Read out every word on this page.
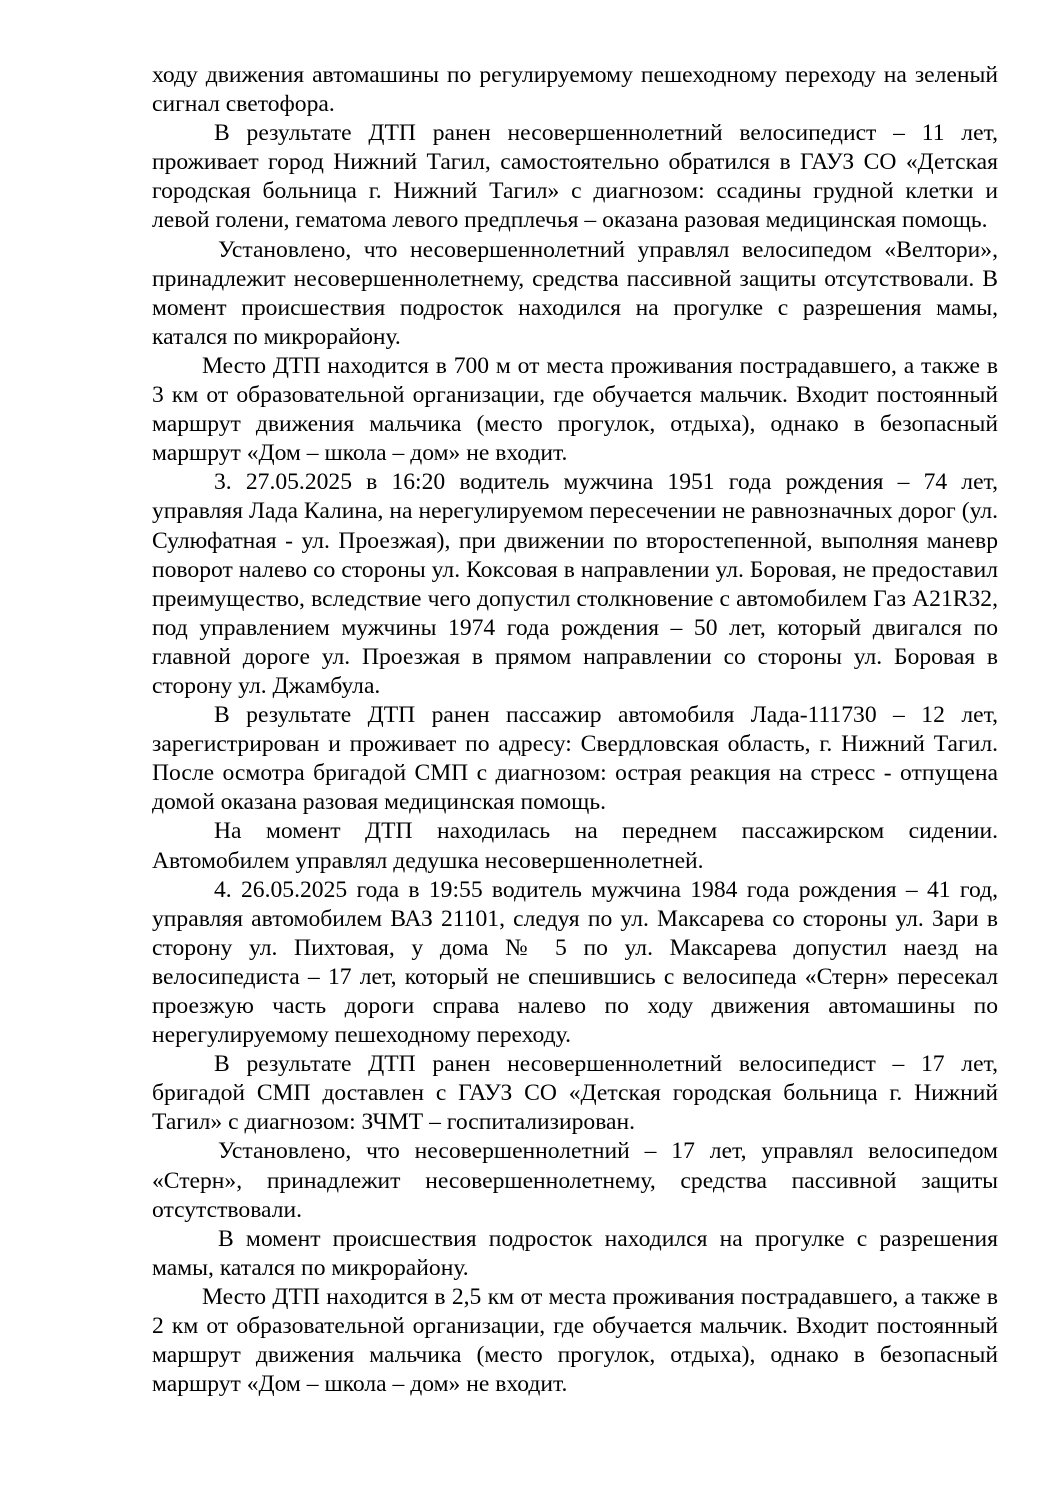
ходу движения автомашины по регулируемому пешеходному переходу на зеленый сигнал светофора.

В результате ДТП ранен несовершеннолетний велосипедист – 11 лет, проживает город Нижний Тагил, самостоятельно обратился в ГАУЗ СО «Детская городская больница г. Нижний Тагил» с диагнозом: ссадины грудной клетки и левой голени, гематома левого предплечья – оказана разовая медицинская помощь.

Установлено, что несовершеннолетний управлял велосипедом «Велтори», принадлежит несовершеннолетнему, средства пассивной защиты отсутствовали. В момент происшествия подросток находился на прогулке с разрешения мамы, катался по микрорайону.

Место ДТП находится в 700 м от места проживания пострадавшего, а также в 3 км от образовательной организации, где обучается мальчик. Входит постоянный маршрут движения мальчика (место прогулок, отдыха), однако в безопасный маршрут «Дом – школа – дом» не входит.

3. 27.05.2025 в 16:20 водитель мужчина 1951 года рождения – 74 лет, управляя Лада Калина, на нерегулируемом пересечении не равнозначных дорог (ул. Сулюфатная - ул. Проезжая), при движении по второстепенной, выполняя маневр поворот налево со стороны ул. Коксовая в направлении ул. Боровая, не предоставил преимущество, вследствие чего допустил столкновение с автомобилем Газ А21R32, под управлением мужчины 1974 года рождения – 50 лет, который двигался по главной дороге ул. Проезжая в прямом направлении со стороны ул. Боровая в сторону ул. Джамбула.

В результате ДТП ранен пассажир автомобиля Лада-111730 – 12 лет, зарегистрирован и проживает по адресу: Свердловская область, г. Нижний Тагил. После осмотра бригадой СМП с диагнозом: острая реакция на стресс - отпущена домой оказана разовая медицинская помощь.

На момент ДТП находилась на переднем пассажирском сидении. Автомобилем управлял дедушка несовершеннолетней.

4. 26.05.2025 года в 19:55 водитель мужчина 1984 года рождения – 41 год, управляя автомобилем ВАЗ 21101, следуя по ул. Максарева со стороны ул. Зари в сторону ул. Пихтовая, у дома № 5 по ул. Максарева допустил наезд на велосипедиста – 17 лет, который не спешившись с велосипеда «Стерн» пересекал проезжую часть дороги справа налево по ходу движения автомашины по нерегулируемому пешеходному переходу.

В результате ДТП ранен несовершеннолетний велосипедист – 17 лет, бригадой СМП доставлен с ГАУЗ СО «Детская городская больница г. Нижний Тагил» с диагнозом: ЗЧМТ – госпитализирован.

Установлено, что несовершеннолетний – 17 лет, управлял велосипедом «Стерн», принадлежит несовершеннолетнему, средства пассивной защиты отсутствовали.

В момент происшествия подросток находился на прогулке с разрешения мамы, катался по микрорайону.

Место ДТП находится в 2,5 км от места проживания пострадавшего, а также в 2 км от образовательной организации, где обучается мальчик. Входит постоянный маршрут движения мальчика (место прогулок, отдыха), однако в безопасный маршрут «Дом – школа – дом» не входит.
